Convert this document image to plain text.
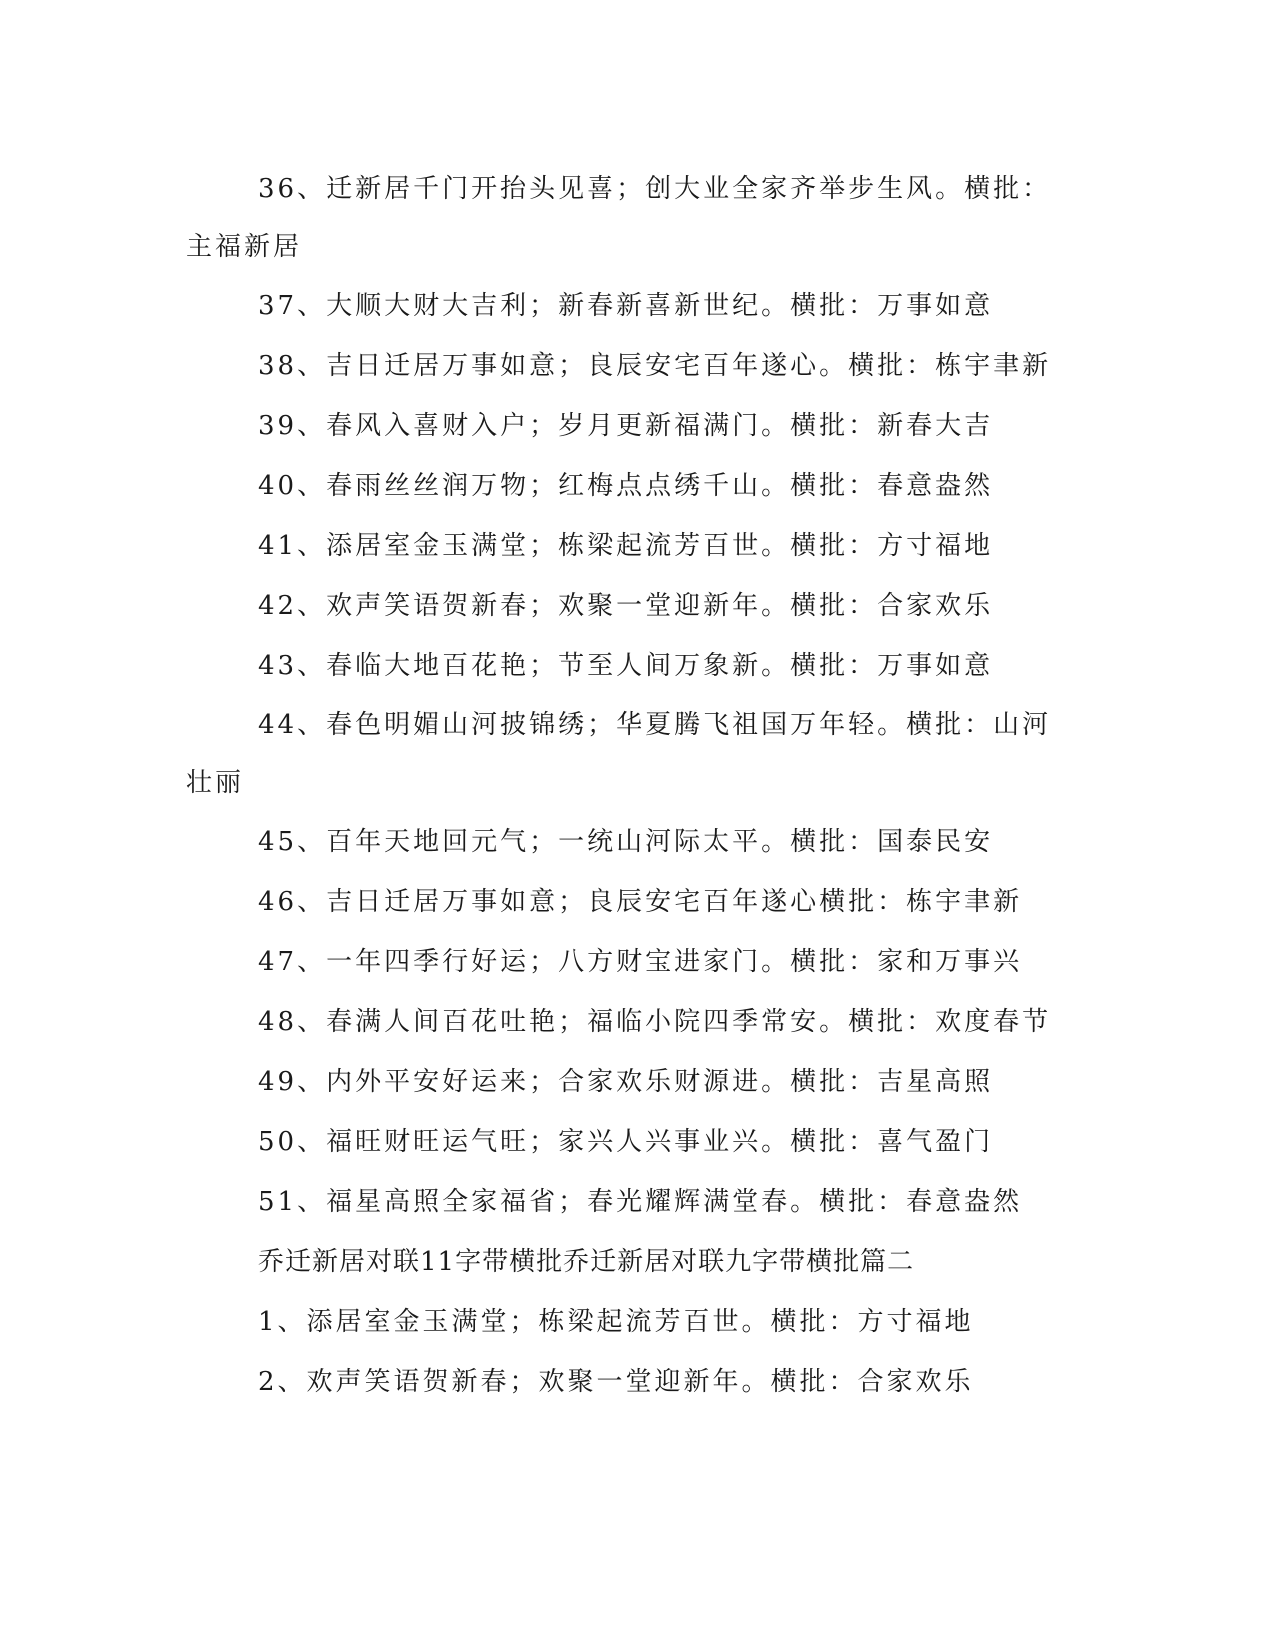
36、迁新居千门开抬头见喜；创大业全家齐举步生风。横批：主福新居

37、大顺大财大吉利；新春新喜新世纪。横批：万事如意

38、吉日迁居万事如意；良辰安宅百年遂心。横批：栋宇聿新

39、春风入喜财入户；岁月更新福满门。横批：新春大吉

40、春雨丝丝润万物；红梅点点绣千山。横批：春意盎然

41、添居室金玉满堂；栋梁起流芳百世。横批：方寸福地

42、欢声笑语贺新春；欢聚一堂迎新年。横批：合家欢乐

43、春临大地百花艳；节至人间万象新。横批：万事如意

44、春色明媚山河披锦绣；华夏腾飞祖国万年轻。横批：山河壮丽

45、百年天地回元气；一统山河际太平。横批：国泰民安

46、吉日迁居万事如意；良辰安宅百年遂心横批：栋宇聿新

47、一年四季行好运；八方财宝进家门。横批：家和万事兴

48、春满人间百花吐艳；福临小院四季常安。横批：欢度春节

49、内外平安好运来；合家欢乐财源进。横批：吉星高照

50、福旺财旺运气旺；家兴人兴事业兴。横批：喜气盈门

51、福星高照全家福省；春光耀辉满堂春。横批：春意盎然

乔迁新居对联11字带横批乔迁新居对联九字带横批篇二

1、添居室金玉满堂；栋梁起流芳百世。横批：方寸福地

2、欢声笑语贺新春；欢聚一堂迎新年。横批：合家欢乐
